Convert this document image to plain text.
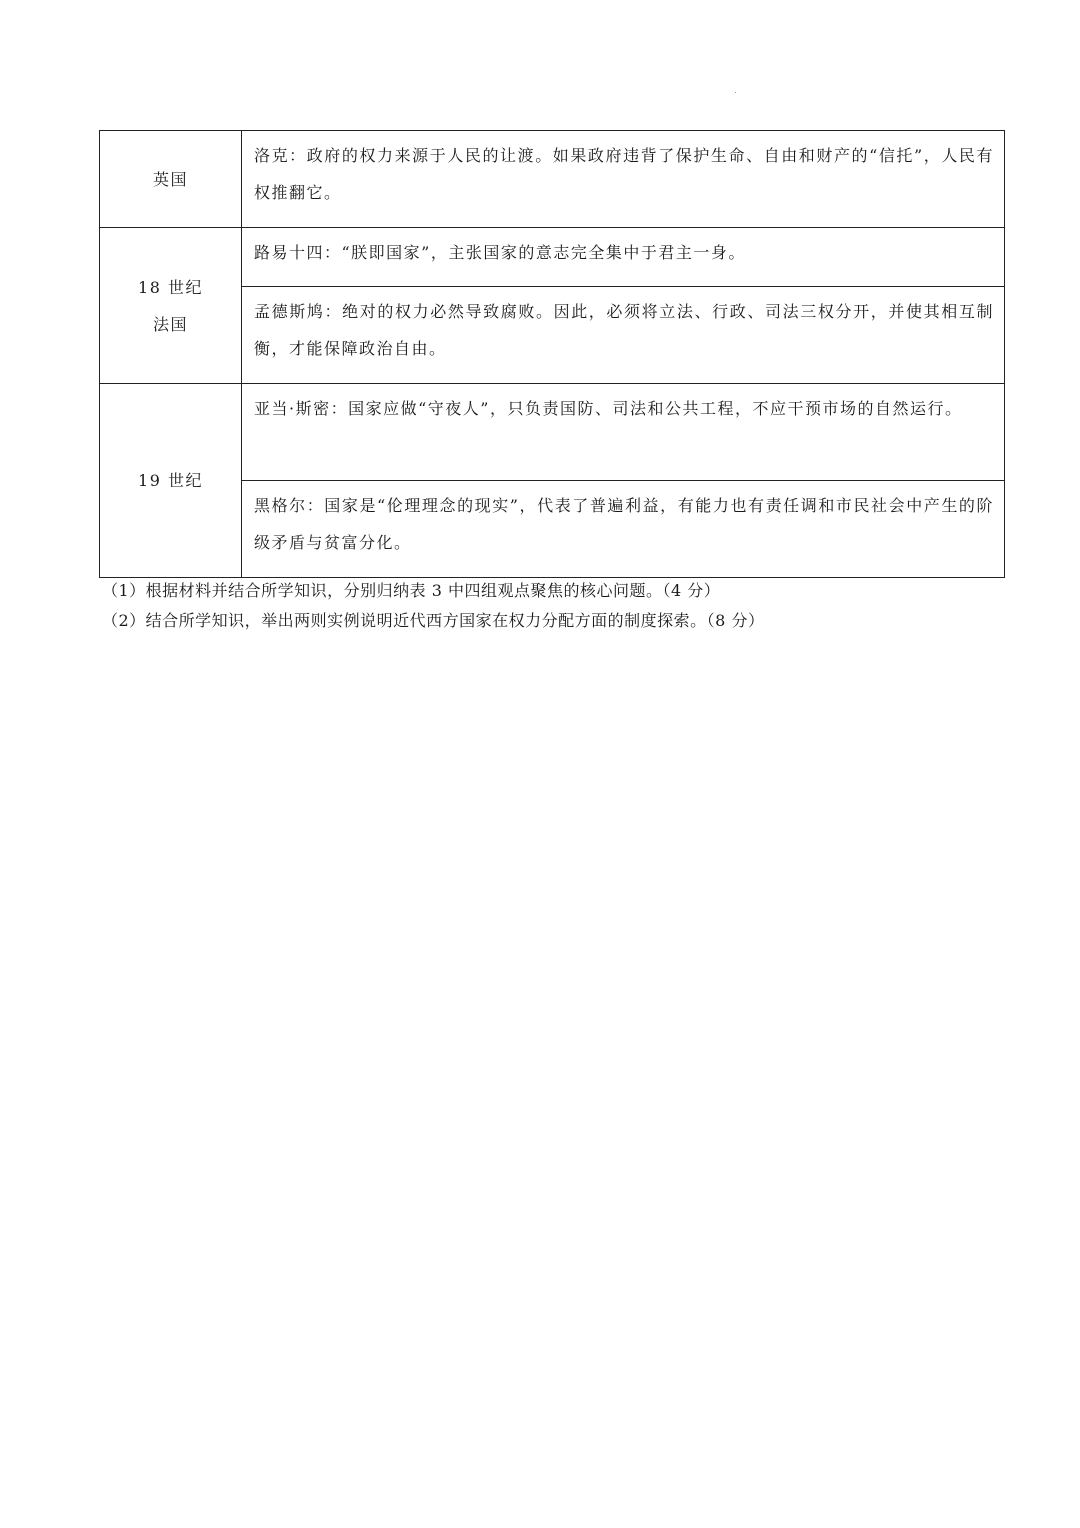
英国	洛克：政府的权力来源于人民的让渡。如果政府违背了保护生命、自由和财产的“信托”，人民有权推翻它。

18 世纪
法国	路易十四：“朕即国家”，主张国家的意志完全集中于君主一身。
	孟德斯鸠：绝对的权力必然导致腐败。因此，必须将立法、行政、司法三权分开，并使其相互制衡，才能保障政治自由。

19 世纪	亚当·斯密：国家应做“守夜人”，只负责国防、司法和公共工程，不应干预市场的自然运行。
	黑格尔：国家是“伦理理念的现实”，代表了普遍利益，有能力也有责任调和市民社会中产生的阶级矛盾与贫富分化。

（1）根据材料并结合所学知识，分别归纳表 3 中四组观点聚焦的核心问题。（4 分）

（2）结合所学知识，举出两则实例说明近代西方国家在权力分配方面的制度探索。（8 分）
